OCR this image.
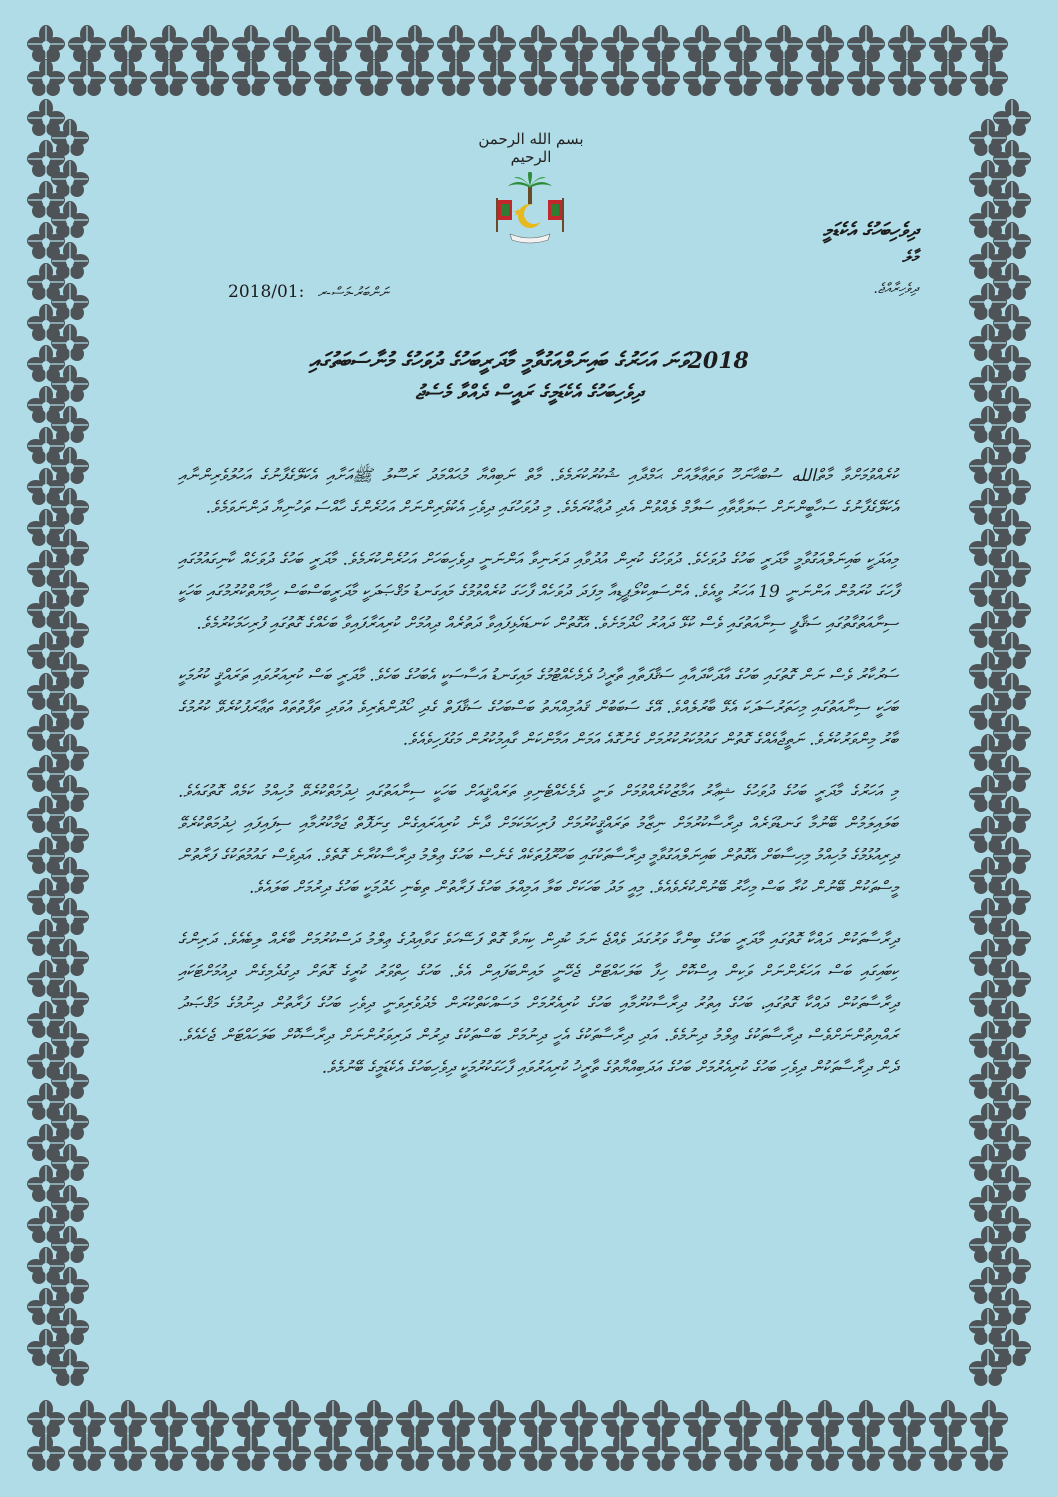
بسم الله الرحمن الرحيم
ދިވެހިބަހުގެ އެކެޑަމީ
މާލެ
ދިވެހިރާއްޖެ.
2018/01: ނަންބަރު-މަސް-ރ
2018ވަނަ އަހަރުގެ ބައިނަލްއަގުވާމީ މާދަރީބަހުގެ ދުވަހުގެ މުނާސަބަތުގައި
ދިވެހިބަހުގެ އެކެޑަމީގެ ރައީސް ދެއްވާ މެސެޖު

ކުރެއްވުމަށްވާ މާތްالله ސުބްޙާނަހޫ ވަތަޢާލާއަށް ޙަމްދާއި ޝުކުރުކުރަމެވެ. މާތް ނަބިއްޔާ މުޙައްމަދު ރަސޫލު ﷺއަށާއި އެކަލޭގެފާނުގެ އަހުލުވެރިންނާއި އެކަލޭގެފާނުގެ ސަހާބީންނަށް ޞަލަވާތާއި ސަލާމް ލެއްވުން އެދި ދުޢާކުރަމެވެ. މި ދުވަހުގައި ދިވެހި އެކުވެރިންނަށް އަހުރެންގެ ހާއްސަ ތަހުނިޔާ ދަންނަވަމެވެ.

މިއަދަކީ ބައިނަލްއަގުވާމީ މާދަރީ ބަހުގެ ދުވަހެވެ. ދުވަހުގެ ކުރިން އުދުވާއި ދަރަނިވާ އަންނަނީ ދިވެހިބަހަށް އަހުރެންކުރަމެވެ. މާދަރީ ބަހުގެ ދުވަހެއް ކާނިގައުމުގައި ފާހަގަ ކުރަމުން އަންނަނީ 19 އަހަރު ވީއެވެ. އެންސައިކްލޯޕީޑިއާ މިފަދަ ދުވަހެއް ފާހަގަ ކުރެއްވުމުގެ މައިގަނޑު މަޤްޞަދަކީ މާދަރީބަސްބަސް ހިމާޔަތްކުރުމުގައި ބަހަކީ ސިނާއަތުގާތުގައި ސަޤާފީ ސިނާއަތުގައި ވެސް ކުޅޭ ދައުރު ހޯދުމަށެވެ. އެގޮތުން ކަނޑައެޅިފައިވާ ދަތުރެއް ދިއުމަށް ކުރިއަރާފައިވާ ބަހެއްގެ ގޮތުގައި ފުރިހަމަކުރުމެވެ.

ސަރުކާރު ވެސް ނަން ގޮތުގައި ބަހުގެ އާދަކާދައާއި ސަޤާފަތާއި ތާރީޚު ދެމެހެއްޓުމުގެ މައިގަނޑު އަސާސަކީ އެބަހުގެ ބަހެވެ. މާދަރީ ބަސް ކުރިއަރުވައި ތަރައްޤީ ކުރުމަކީ ބަހަކީ ސިނާއަތުގައި މިހަތަރުސަދަކަ އެޅޭ ބާރުލެއްވެ. އޭގެ ސަބަބުން ޤައުމިއްޔަތު ބަސްބަހުގެ ސަޤާފަތް ގެދި ހޯދުންތެރިވެ އުވަދި ތަފާތުތައް ތަޢާރަފުކުރެވޭ ކުރުމުގެ ބާރު މިންވަރުކުރެވެ. ނަތީޖާއެއްގެ ގޮތުން ގައުމުކަރުކުރުމަށް ގެނުގޮއެ އަމަން އަމާންކަން ގާއިމުކުރުން މަގުފަހިވެއެވެ.

މި އަހަރުގެ މާދަރީ ބަހުގެ ދުވަހުގެ ޝިޢާރު އަމާޒުކުރެއްވުމަށް ވަނީ ދެމެހެއްޓެނިވި ތަރައްޤީއަށް ބަހަކީ ސިނާއަތުގައި ޚިދުމަތްކުރެވޭ މުހިއްމު ކަމެއް ގޮތުގައެވެ. ބަލައިލަމުން ބޭނުމާ ގަނޑުވަރެއް ދިރާސާކުރުމަށް ނިޒާމު ތަރައްޤީކުރުމަށް ފުރިހަމަކަމަށް ދާނެ ކުރިއަރައިގެން ގިނަފޮތް ޖަމާކުރުމާއި ސިފައިފައި ޚިދުމަތްކުރެވޭ ދިރިއުޅުމުގެ މުހިއްމު މިހިސާބަށް އެގޮތުން ބައިނަލްއަގުވާމީ ދިރާސާތަކުގައި ބަހުރޫޕުތަކެއް ގެނެސް ބަހުގެ ޢިލްމު ދިރާސާކުރާނެ ގޮތެވެ. އަދިވެސް ގައުމުތަކުގެ ފަރާތުން މީސްތަކުން ބޭނުން ކުރާ ބަސް މިހާރު ބޭނުންކުރެވެއެވެ. މިއީ މަދު ބަހަކަށް ބަލާ އަމިއްލަ ބަހުގެ ފަރާތުން ތިބެނި ހެދުމަކީ ބަހުގެ ދިރުމަށް ބަލައެވެ.

ދިރާސާތަކުން ދައްކާ ގޮތުގައި މާދަރީ ބަހުގެ ބިންގާ ވަރުގަދަ ވެއްޖެ ނަމަ ކުދިން ކިޔަވާ ގޮތް ފަސޭހަވެ ގަވާއިދުގެ ޢިލްމު ދަސްކުރުމަށް ބާރެއް ލިބެއެވެ. ދަރިންގެ ކިބައިގައި ބަސް އަހަރެންނަށް ވަކިން އިސްކޮށް ހިފާ ބަލަހައްޓަން ޖެހޭނީ މައިންބަފައިން އެވެ. ބަހުގެ ހިތްވަރު ކުރީގެ ގޮތަށް ދިގުދެމިގެން ދިއުމަށްޓަކައި ދިރާސާތަކުން ދައްކާ ގޮތުގައި، ބަހުގެ އިތުރު ދިރާސާކުރުމާއި ބަހުގެ ކުރިއެރުމަށް މަސައްކަތްކުރަން މެދުވެރިވަނީ ދިވެހި ބަހުގެ ފަރާތުން ދިނުމުގެ މަޤްޞަދު ރައްޔިތުންނަށްވެސް ދިރާސާތަކުގެ ޢިލްމު ދިނުމެވެ. އަދި ދިރާސާތަކުގެ އެހީ ދިނުމަށް ބަސްތަކުގެ ދިރުން ދަރިވަރުންނަށް ދިރާސާކޮށް ބަލަހައްޓަން ޖެހެއެވެ. ދެން ދިރާސާތަކުން ދިވެހި ބަހުގެ ކުރިއެރުމަށް ބަހުގެ އަދަބިއްޔާތުގެ ތާރީޚު ކުރިއަރުވައި ފާހަގަކުރުމަކީ ދިވެހިބަހުގެ އެކެޑަމީގެ ބޭނުމެވެ.
